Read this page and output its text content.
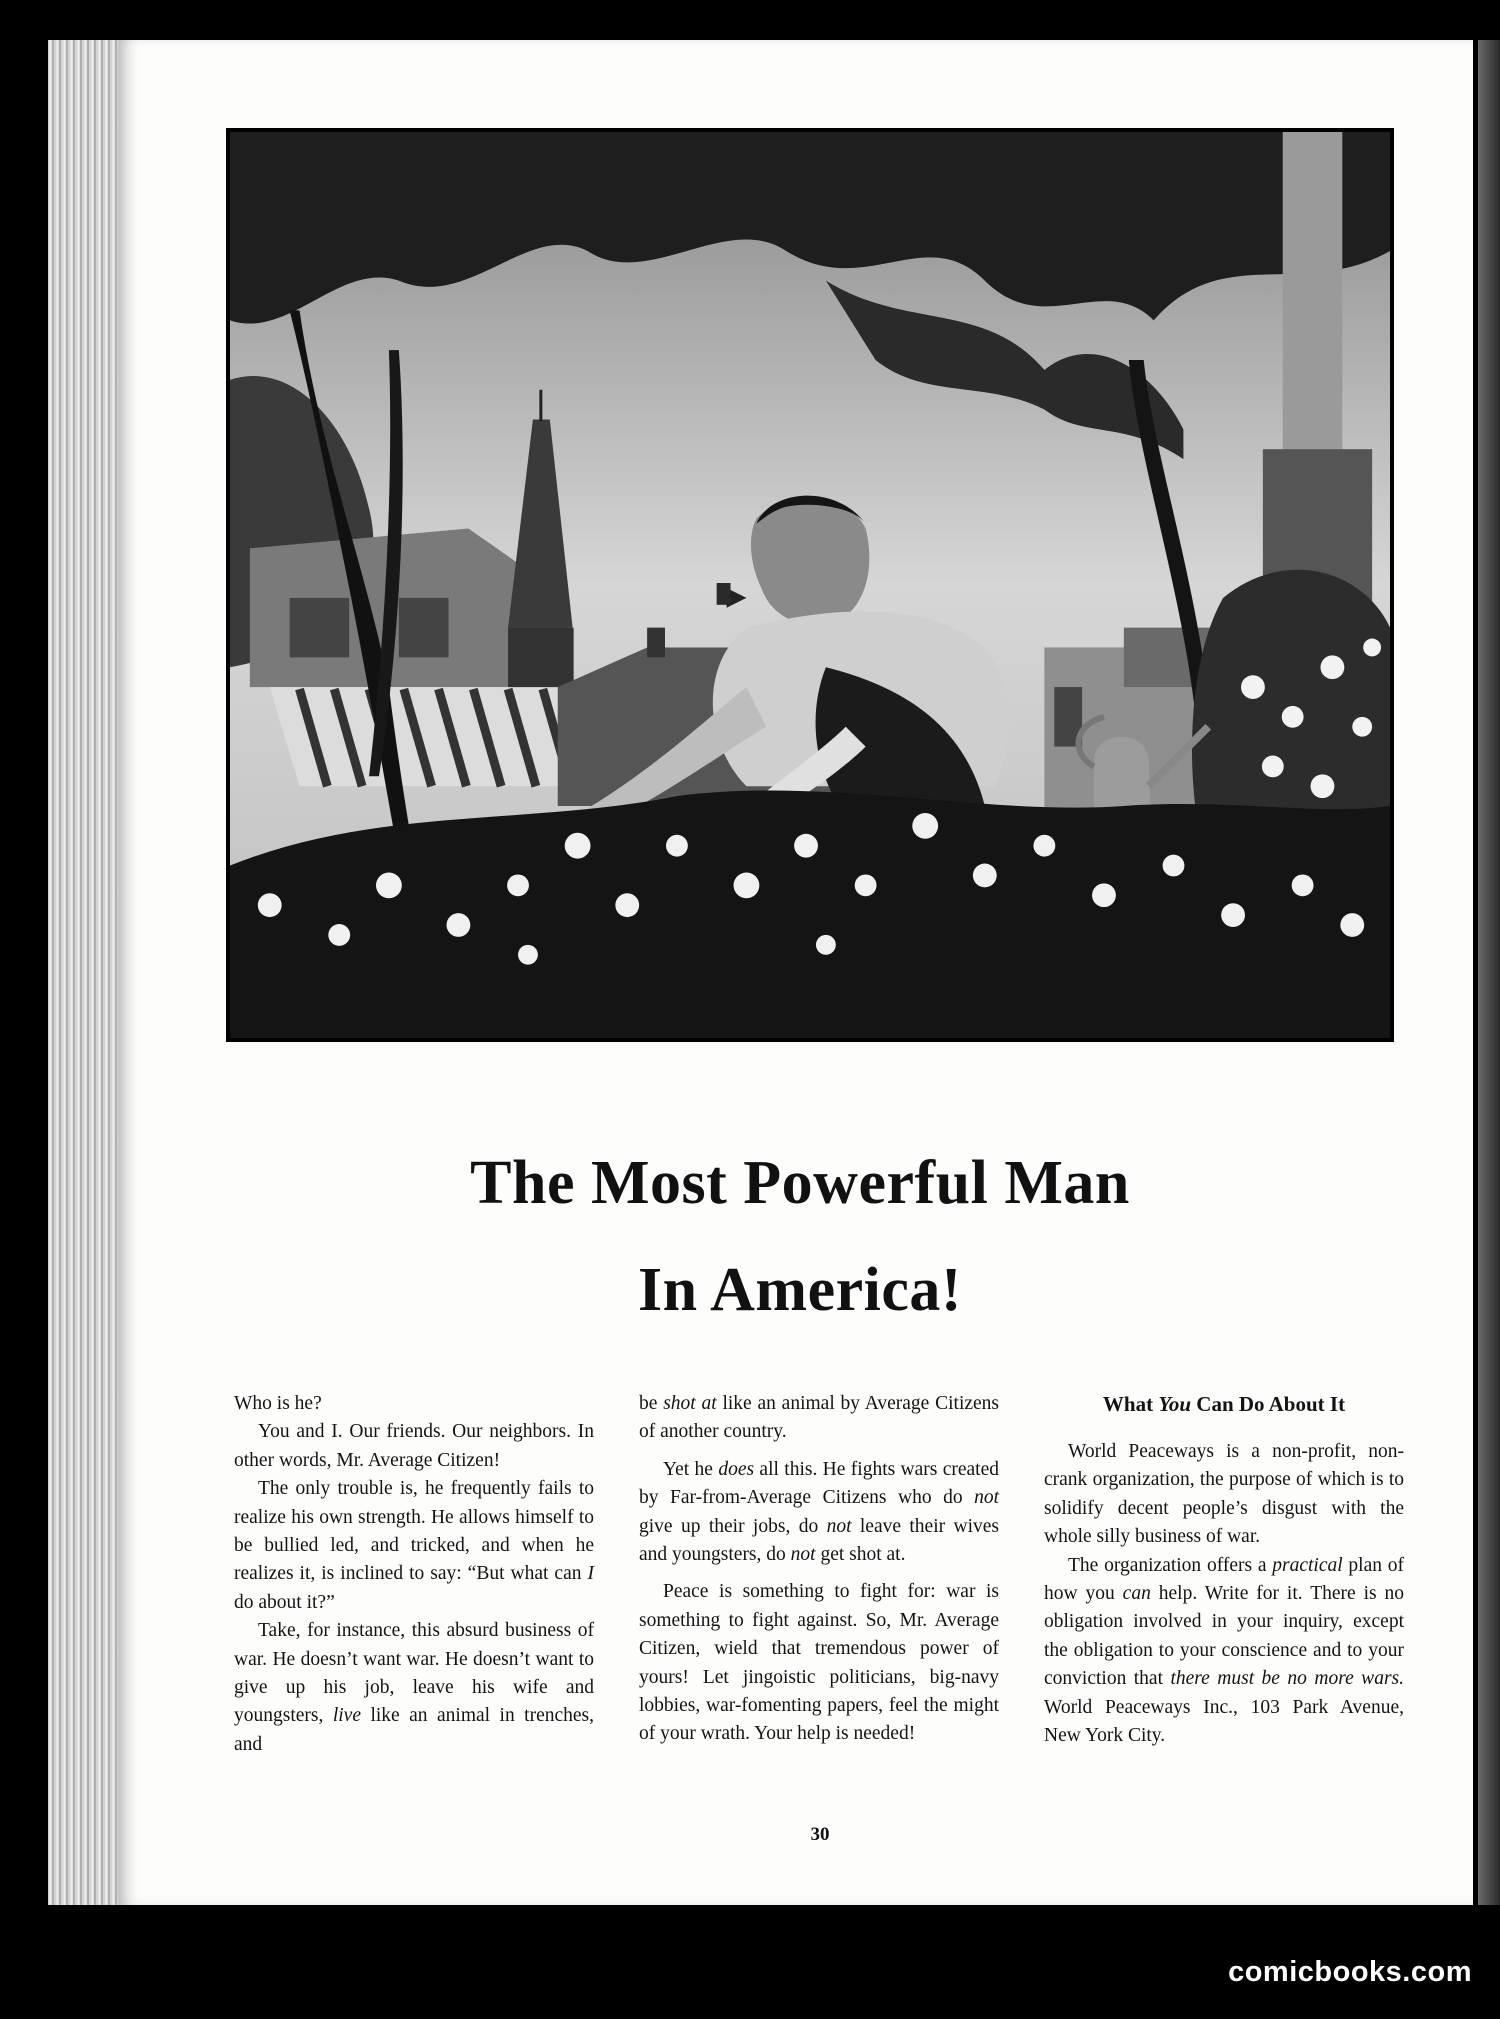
The Most Powerful Man
In America!

Who is he?

You and I. Our friends. Our neighbors. In other words, Mr. Average Citizen!

The only trouble is, he frequently fails to realize his own strength. He allows himself to be bullied led, and tricked, and when he realizes it, is inclined to say: “But what can I do about it?”

Take, for instance, this absurd business of war. He doesn’t want war. He doesn’t want to give up his job, leave his wife and youngsters, live like an animal in trenches, and

be shot at like an animal by Average Citizens of another country.

Yet he does all this. He fights wars created by Far-from-Average Citizens who do not give up their jobs, do not leave their wives and youngsters, do not get shot at.

Peace is something to fight for: war is something to fight against. So, Mr. Average Citizen, wield that tremendous power of yours! Let jingoistic politicians, big-navy lobbies, war-fomenting papers, feel the might of your wrath. Your help is needed!

What You Can Do About It

World Peaceways is a non-profit, non-crank organization, the purpose of which is to solidify decent people’s disgust with the whole silly business of war.

The organization offers a practical plan of how you can help. Write for it. There is no obligation involved in your inquiry, except the obligation to your conscience and to your conviction that there must be no more wars. World Peaceways Inc., 103 Park Avenue, New York City.

30
comicbooks.com
